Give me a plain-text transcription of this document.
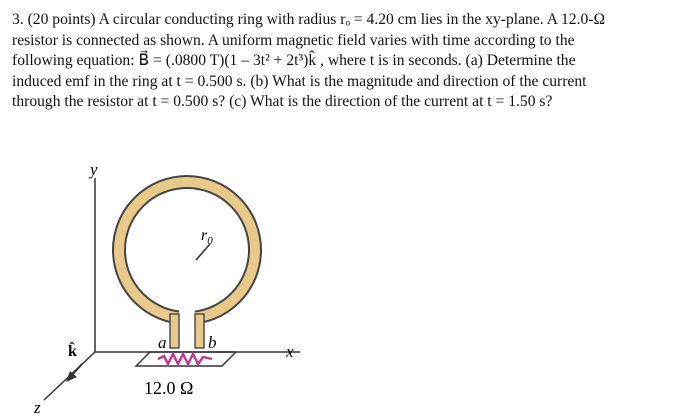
3. (20 points) A circular conducting ring with radius rₒ = 4.20 cm lies in the xy-plane. A 12.0-Ω
resistor is connected as shown. A uniform magnetic field varies with time according to the
following equation: B⃗ = (.0800 T)(1 – 3t² + 2t³)k̂ , where t is in seconds. (a) Determine the
induced emf in the ring at t = 0.500 s. (b) What is the magnitude and direction of the current
through the resistor at t = 0.500 s? (c) What is the direction of the current at t = 1.50 s?
y
x
z
k̂	a b
$r_0$
12.0 Ω
